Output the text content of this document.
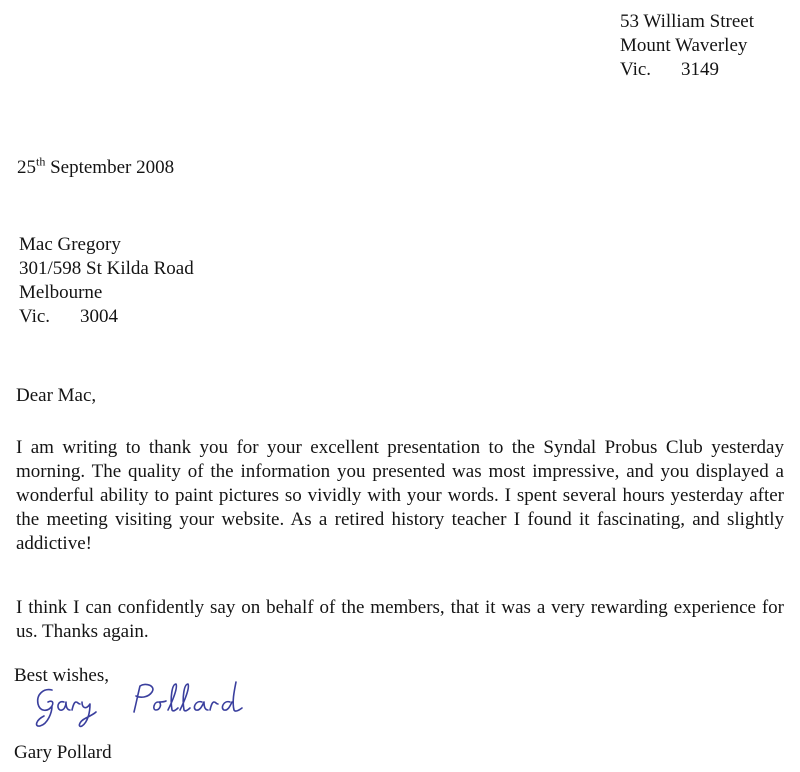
53 William Street
Mount Waverley
Vic. 3149
25th September 2008
Mac Gregory
301/598 St Kilda Road
Melbourne
Vic. 3004
Dear Mac,

I am writing to thank you for your excellent presentation to the Syndal Probus Club yesterday morning. The quality of the information you presented was most impressive, and you displayed a wonderful ability to paint pictures so vividly with your words. I spent several hours yesterday after the meeting visiting your website. As a retired history teacher I found it fascinating, and slightly addictive!

I think I can confidently say on behalf of the members, that it was a very rewarding experience for us. Thanks again.

Best wishes,
Gary Pollard
